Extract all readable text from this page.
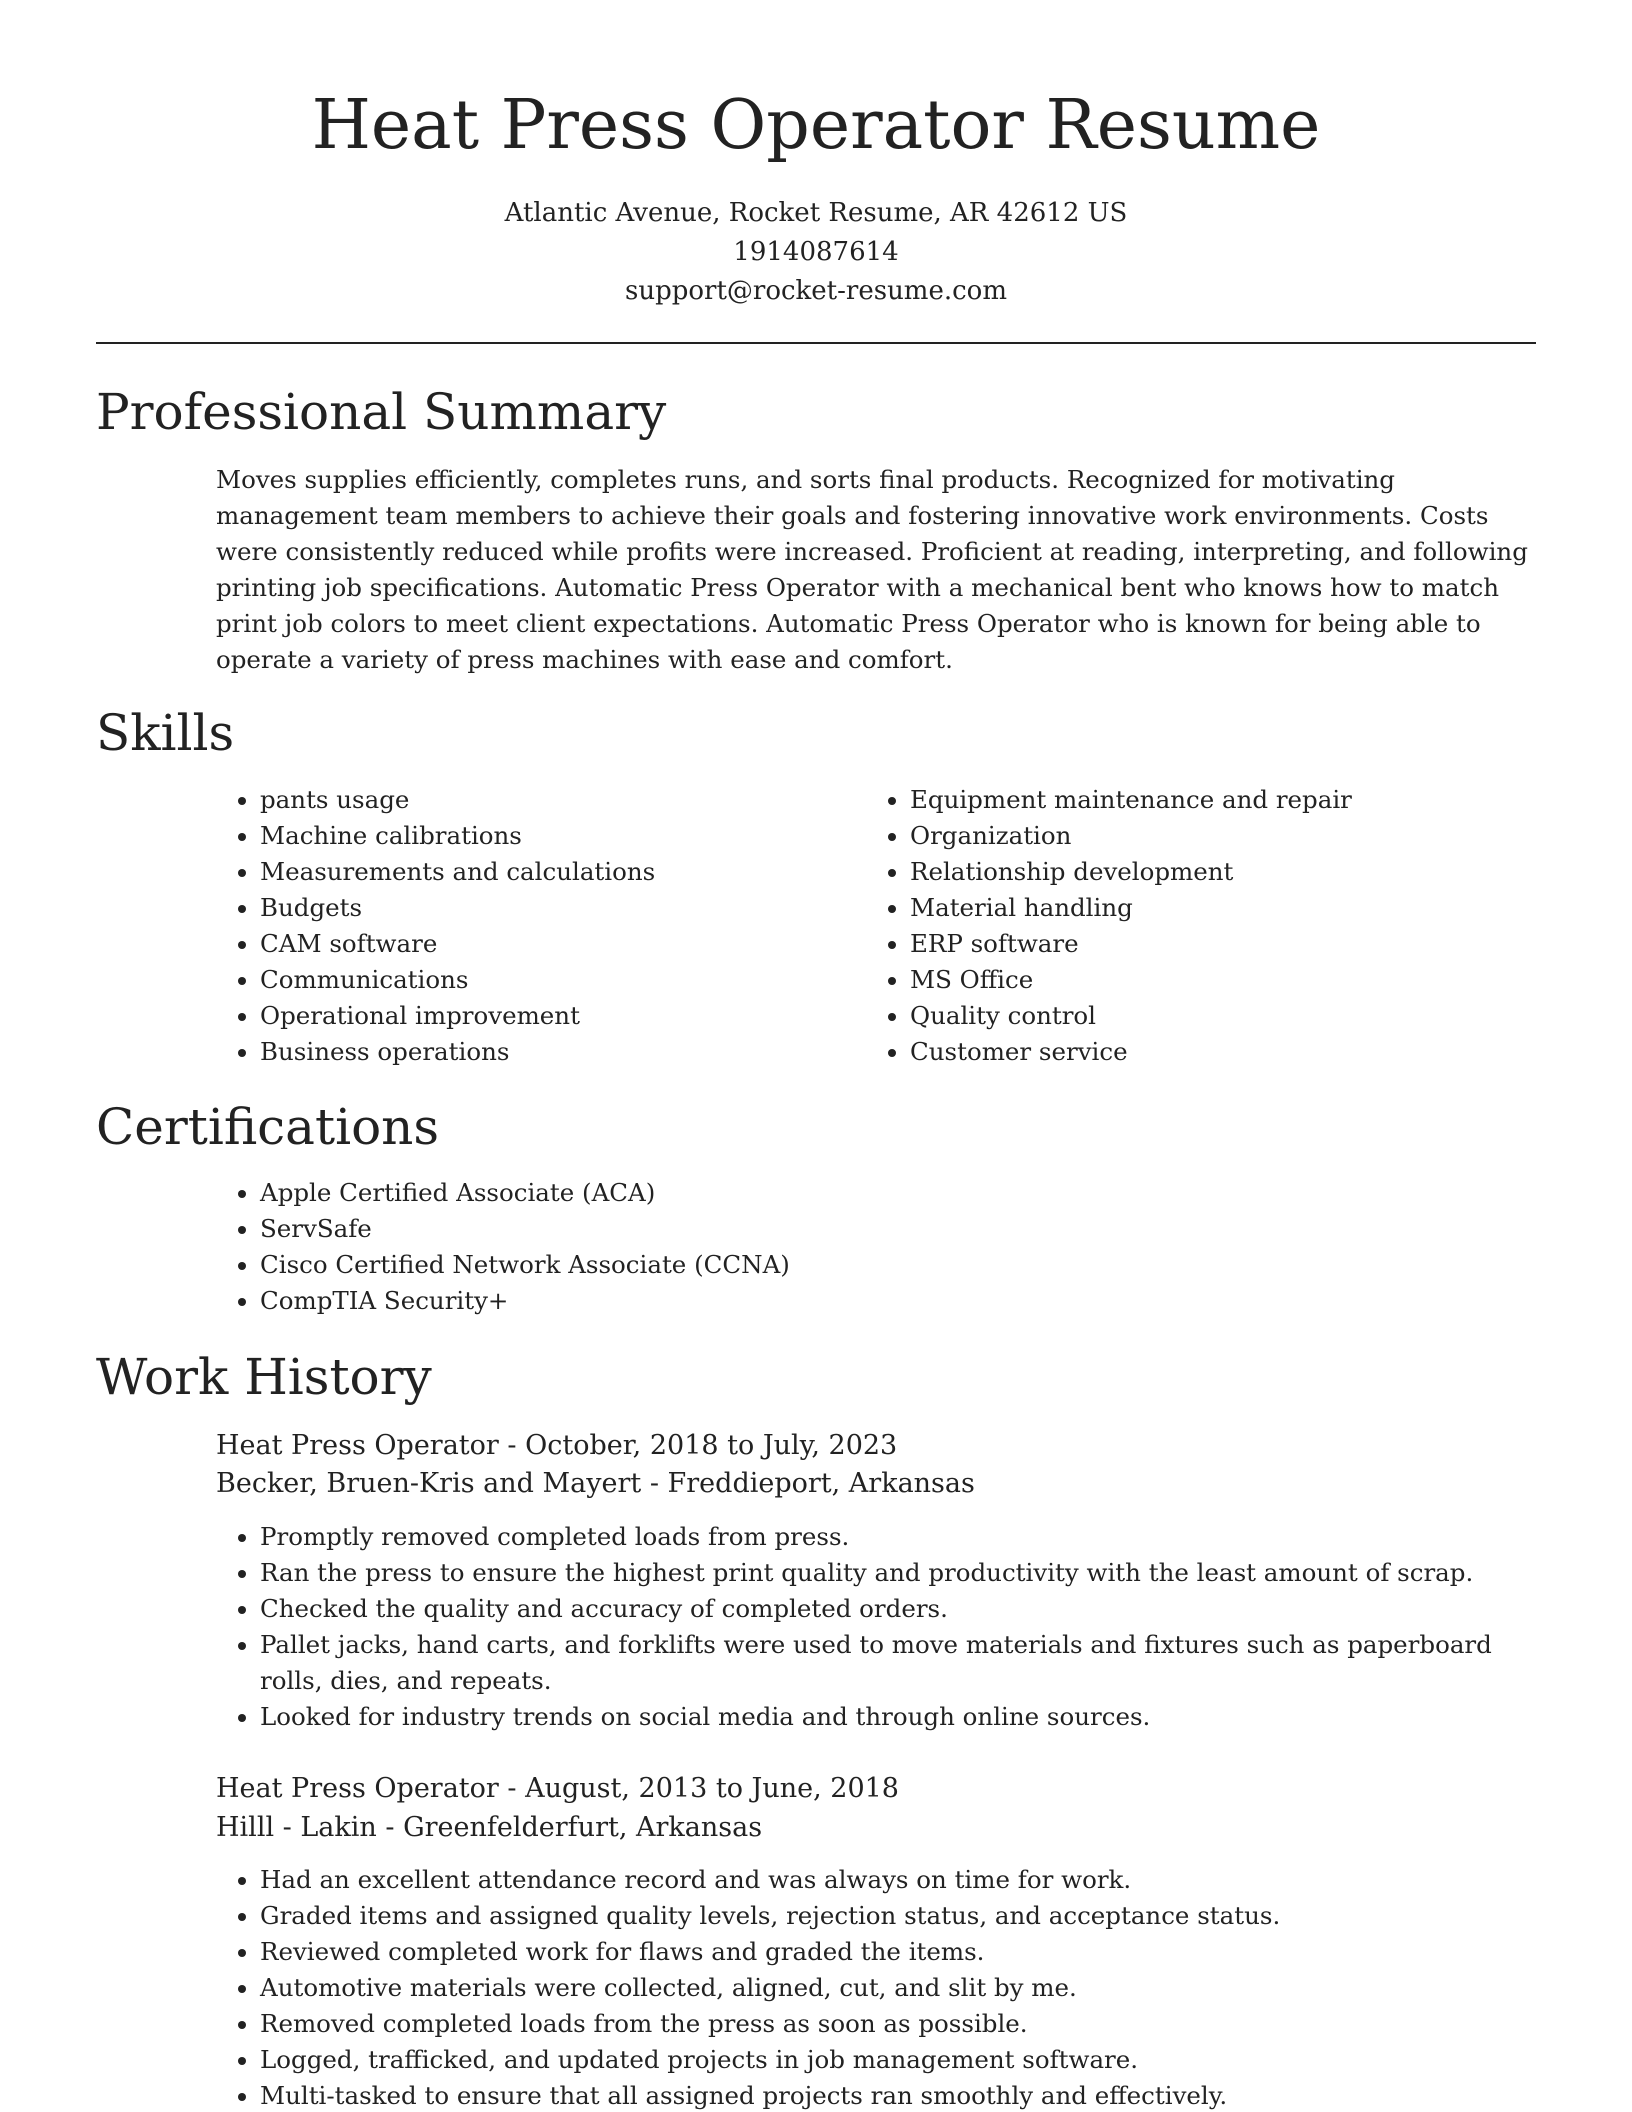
Heat Press Operator Resume

Atlantic Avenue, Rocket Resume, AR 42612 US

1914087614

support@rocket-resume.com

Professional Summary

Moves supplies efficiently, completes runs, and sorts final products. Recognized for motivating management team members to achieve their goals and fostering innovative work environments. Costs were consistently reduced while profits were increased. Proficient at reading, interpreting, and following printing job specifications. Automatic Press Operator with a mechanical bent who knows how to match print job colors to meet client expectations. Automatic Press Operator who is known for being able to operate a variety of press machines with ease and comfort.

Skills
• pants usage
• Machine calibrations
• Measurements and calculations
• Budgets
• CAM software
• Communications
• Operational improvement
• Business operations
• Equipment maintenance and repair
• Organization
• Relationship development
• Material handling
• ERP software
• MS Office
• Quality control
• Customer service
Certifications
• Apple Certified Associate (ACA)
• ServSafe
• Cisco Certified Network Associate (CCNA)
• CompTIA Security+
Work History

Heat Press Operator - October, 2018 to July, 2023

Becker, Bruen-Kris and Mayert - Freddieport, Arkansas

• Promptly removed completed loads from press.
• Ran the press to ensure the highest print quality and productivity with the least amount of scrap.
• Checked the quality and accuracy of completed orders.
• Pallet jacks, hand carts, and forklifts were used to move materials and fixtures such as paperboard rolls, dies, and repeats.
• Looked for industry trends on social media and through online sources.

Heat Press Operator - August, 2013 to June, 2018

Hilll - Lakin - Greenfelderfurt, Arkansas

• Had an excellent attendance record and was always on time for work.
• Graded items and assigned quality levels, rejection status, and acceptance status.
• Reviewed completed work for flaws and graded the items.
• Automotive materials were collected, aligned, cut, and slit by me.
• Removed completed loads from the press as soon as possible.
• Logged, trafficked, and updated projects in job management software.
• Multi-tasked to ensure that all assigned projects ran smoothly and effectively.
